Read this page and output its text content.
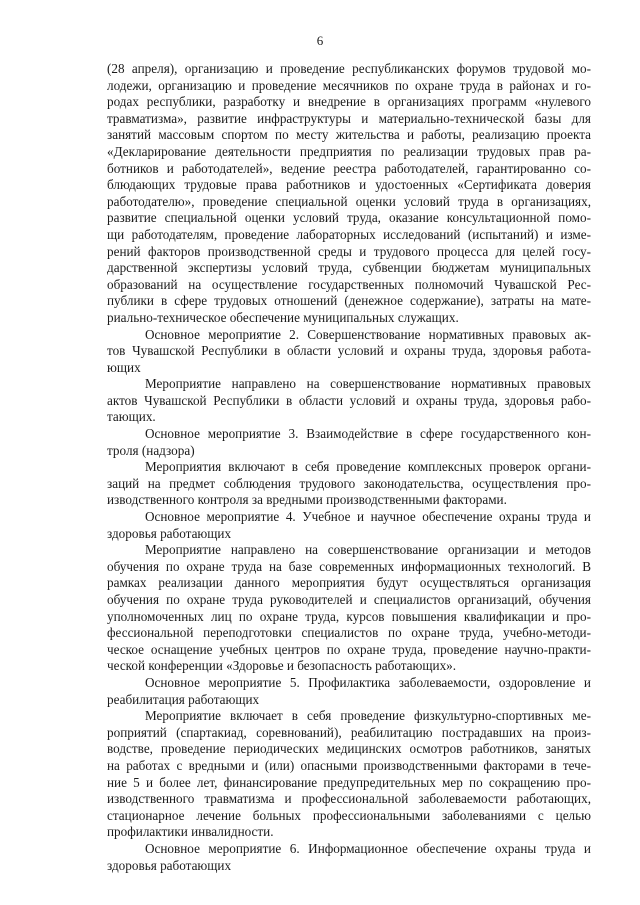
6
(28 апреля), организацию и проведение республиканских форумов трудовой мо-
лодежи, организацию и проведение месячников по охране труда в районах и го-
родах республики, разработку и внедрение в организациях программ «нулевого
травматизма», развитие инфраструктуры и материально-технической базы для
занятий массовым спортом по месту жительства и работы, реализацию проекта
«Декларирование деятельности предприятия по реализации трудовых прав ра-
ботников и работодателей», ведение реестра работодателей, гарантированно со-
блюдающих трудовые права работников и удостоенных «Сертификата доверия
работодателю», проведение специальной оценки условий труда в организациях,
развитие специальной оценки условий труда, оказание консультационной помо-
щи работодателям, проведение лабораторных исследований (испытаний) и изме-
рений факторов производственной среды и трудового процесса для целей госу-
дарственной экспертизы условий труда, субвенции бюджетам муниципальных
образований на осуществление государственных полномочий Чувашской Рес-
публики в сфере трудовых отношений (денежное содержание), затраты на мате-
риально-техническое обеспечение муниципальных служащих.
Основное мероприятие 2. Совершенствование нормативных правовых ак-
тов Чувашской Республики в области условий и охраны труда, здоровья работа-
ющих
Мероприятие направлено на совершенствование нормативных правовых
актов Чувашской Республики в области условий и охраны труда, здоровья рабо-
тающих.
Основное мероприятие 3. Взаимодействие в сфере государственного кон-
троля (надзора)
Мероприятия включают в себя проведение комплексных проверок органи-
заций на предмет соблюдения трудового законодательства, осуществления про-
изводственного контроля за вредными производственными факторами.
Основное мероприятие 4. Учебное и научное обеспечение охраны труда и
здоровья работающих
Мероприятие направлено на совершенствование организации и методов
обучения по охране труда на базе современных информационных технологий. В
рамках реализации данного мероприятия будут осуществляться организация
обучения по охране труда руководителей и специалистов организаций, обучения
уполномоченных лиц по охране труда, курсов повышения квалификации и про-
фессиональной переподготовки специалистов по охране труда, учебно-методи-
ческое оснащение учебных центров по охране труда, проведение научно-практи-
ческой конференции «Здоровье и безопасность работающих».
Основное мероприятие 5. Профилактика заболеваемости, оздоровление и
реабилитация работающих
Мероприятие включает в себя проведение физкультурно-спортивных ме-
роприятий (спартакиад, соревнований), реабилитацию пострадавших на произ-
водстве, проведение периодических медицинских осмотров работников, занятых
на работах с вредными и (или) опасными производственными факторами в тече-
ние 5 и более лет, финансирование предупредительных мер по сокращению про-
изводственного травматизма и профессиональной заболеваемости работающих,
стационарное лечение больных профессиональными заболеваниями с целью
профилактики инвалидности.
Основное мероприятие 6. Информационное обеспечение охраны труда и
здоровья работающих
